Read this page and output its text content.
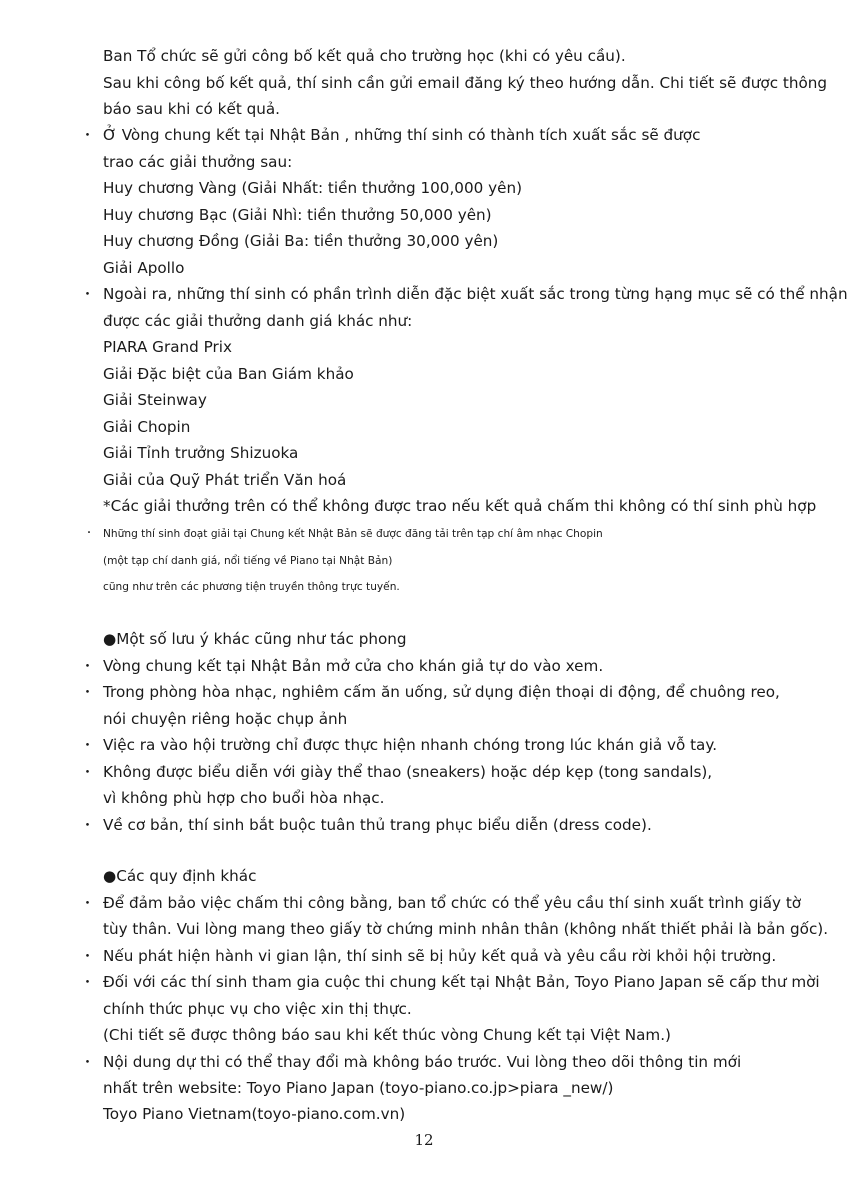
Ban Tổ chức sẽ gửi công bố kết quả cho trường học (khi có yêu cầu).
Sau khi công bố kết quả, thí sinh cần gửi email đăng ký theo hướng dẫn. Chi tiết sẽ được thông
báo sau khi có kết quả.
・ Ở Vòng chung kết tại Nhật Bản , những thí sinh có thành tích xuất sắc sẽ được
trao các giải thưởng sau:
Huy chương Vàng (Giải Nhất: tiền thưởng 100,000 yên)
Huy chương Bạc (Giải Nhì: tiền thưởng 50,000 yên)
Huy chương Đồng (Giải Ba: tiền thưởng 30,000 yên)
Giải Apollo
・ Ngoài ra, những thí sinh có phần trình diễn đặc biệt xuất sắc trong từng hạng mục sẽ có thể nhận
được các giải thưởng danh giá khác như:
PIARA Grand Prix
Giải Đặc biệt của Ban Giám khảo
Giải Steinway
Giải Chopin
Giải Tỉnh trưởng Shizuoka
Giải của Quỹ Phát triển Văn hoá
*Các giải thưởng trên có thể không được trao nếu kết quả chấm thi không có thí sinh phù hợp
・ Những thí sinh đoạt giải tại Chung kết Nhật Bản sẽ được đăng tải trên tạp chí âm nhạc Chopin
(một tạp chí danh giá, nổi tiếng về Piano tại Nhật Bản)
cũng như trên các phương tiện truyền thông trực tuyến.
●Một số lưu ý khác cũng như tác phong
・ Vòng chung kết tại Nhật Bản mở cửa cho khán giả tự do vào xem.
・ Trong phòng hòa nhạc, nghiêm cấm ăn uống, sử dụng điện thoại di động, để chuông reo,
nói chuyện riêng hoặc chụp ảnh
・ Việc ra vào hội trường chỉ được thực hiện nhanh chóng trong lúc khán giả vỗ tay.
・ Không được biểu diễn với giày thể thao (sneakers) hoặc dép kẹp (tong sandals),
vì không phù hợp cho buổi hòa nhạc.
・ Về cơ bản, thí sinh bắt buộc tuân thủ trang phục biểu diễn (dress code).
●Các quy định khác
・ Để đảm bảo việc chấm thi công bằng, ban tổ chức có thể yêu cầu thí sinh xuất trình giấy tờ
tùy thân. Vui lòng mang theo giấy tờ chứng minh nhân thân (không nhất thiết phải là bản gốc).
・ Nếu phát hiện hành vi gian lận, thí sinh sẽ bị hủy kết quả và yêu cầu rời khỏi hội trường.
・ Đối với các thí sinh tham gia cuộc thi chung kết tại Nhật Bản, Toyo Piano Japan sẽ cấp thư mời
chính thức phục vụ cho việc xin thị thực.
(Chi tiết sẽ được thông báo sau khi kết thúc vòng Chung kết tại Việt Nam.)
・ Nội dung dự thi có thể thay đổi mà không báo trước. Vui lòng theo dõi thông tin mới
nhất trên website: Toyo Piano Japan (toyo-piano.co.jp>piara _new/)
Toyo Piano Vietnam(toyo-piano.com.vn)
12
